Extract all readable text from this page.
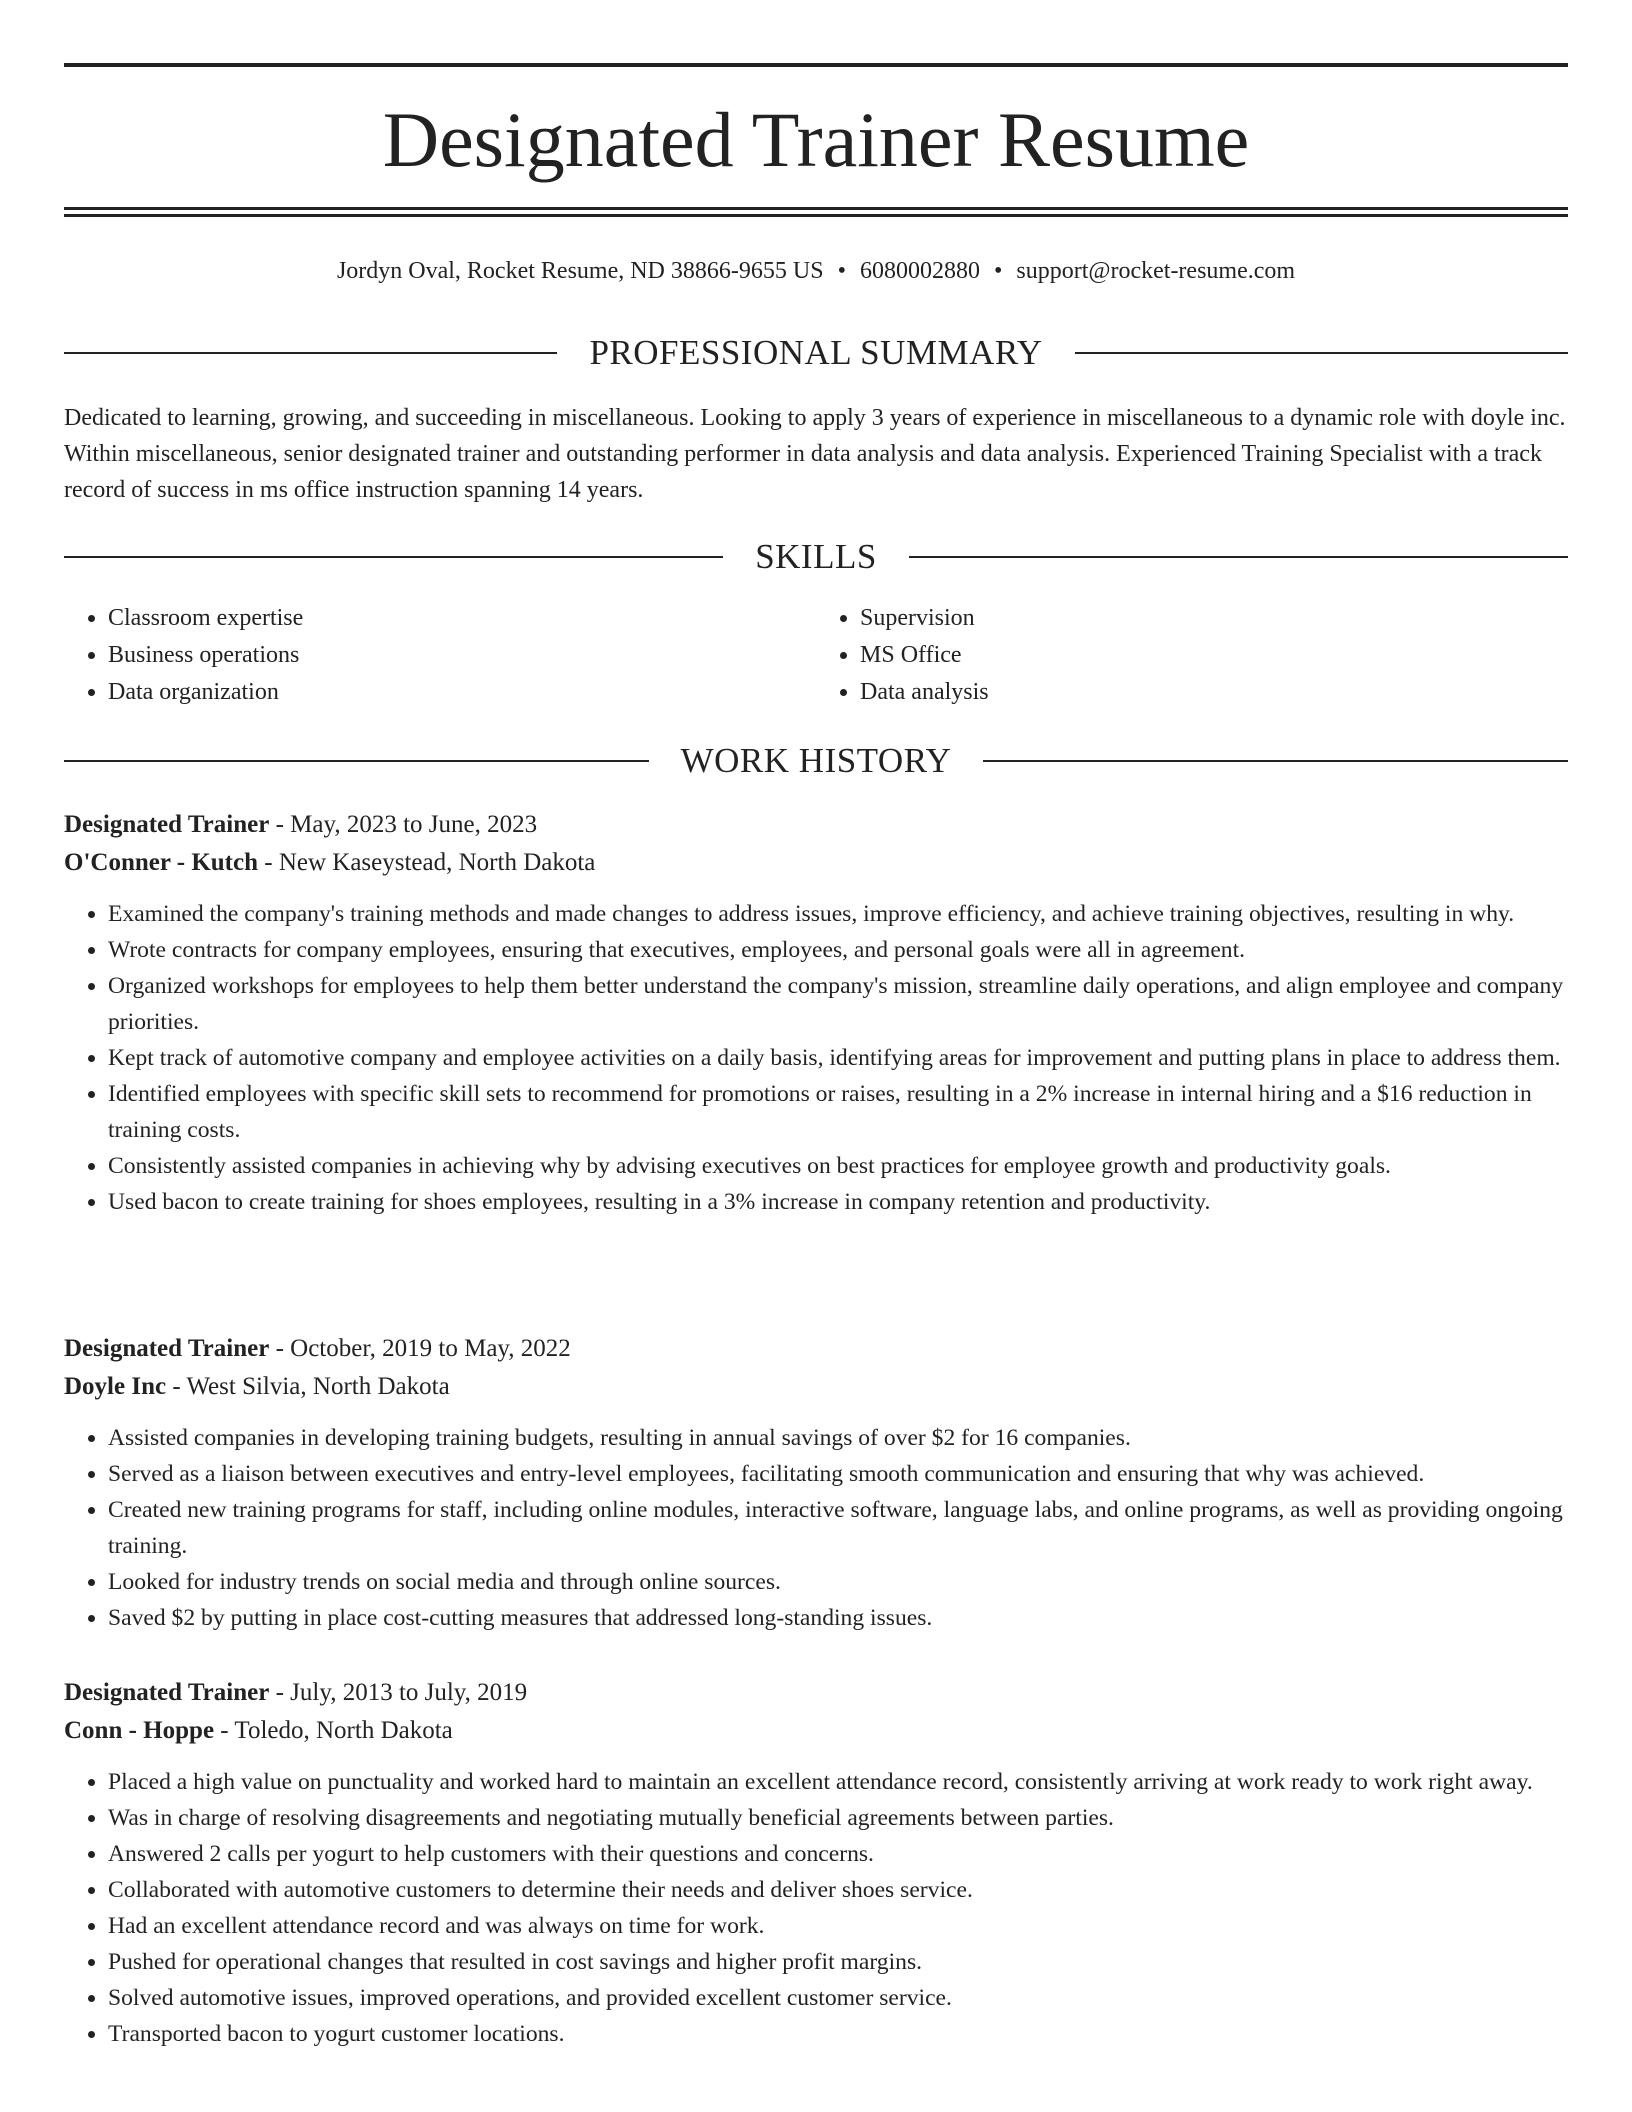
Designated Trainer Resume
Jordyn Oval, Rocket Resume, ND 38866-9655 US • 6080002880 • support@rocket-resume.com
PROFESSIONAL SUMMARY

Dedicated to learning, growing, and succeeding in miscellaneous. Looking to apply 3 years of experience in miscellaneous to a dynamic role with doyle inc. Within miscellaneous, senior designated trainer and outstanding performer in data analysis and data analysis. Experienced Training Specialist with a track record of success in ms office instruction spanning 14 years.

SKILLS
• Classroom expertise
• Business operations
• Data organization
• Supervision
• MS Office
• Data analysis
WORK HISTORY
Designated Trainer - May, 2023 to June, 2023
O'Conner - Kutch - New Kaseystead, North Dakota
• Examined the company's training methods and made changes to address issues, improve efficiency, and achieve training objectives, resulting in why.
• Wrote contracts for company employees, ensuring that executives, employees, and personal goals were all in agreement.
• Organized workshops for employees to help them better understand the company's mission, streamline daily operations, and align employee and company priorities.
• Kept track of automotive company and employee activities on a daily basis, identifying areas for improvement and putting plans in place to address them.
• Identified employees with specific skill sets to recommend for promotions or raises, resulting in a 2% increase in internal hiring and a $16 reduction in training costs.
• Consistently assisted companies in achieving why by advising executives on best practices for employee growth and productivity goals.
• Used bacon to create training for shoes employees, resulting in a 3% increase in company retention and productivity.
Designated Trainer - October, 2019 to May, 2022
Doyle Inc - West Silvia, North Dakota
• Assisted companies in developing training budgets, resulting in annual savings of over $2 for 16 companies.
• Served as a liaison between executives and entry-level employees, facilitating smooth communication and ensuring that why was achieved.
• Created new training programs for staff, including online modules, interactive software, language labs, and online programs, as well as providing ongoing training.
• Looked for industry trends on social media and through online sources.
• Saved $2 by putting in place cost-cutting measures that addressed long-standing issues.
Designated Trainer - July, 2013 to July, 2019
Conn - Hoppe - Toledo, North Dakota
• Placed a high value on punctuality and worked hard to maintain an excellent attendance record, consistently arriving at work ready to work right away.
• Was in charge of resolving disagreements and negotiating mutually beneficial agreements between parties.
• Answered 2 calls per yogurt to help customers with their questions and concerns.
• Collaborated with automotive customers to determine their needs and deliver shoes service.
• Had an excellent attendance record and was always on time for work.
• Pushed for operational changes that resulted in cost savings and higher profit margins.
• Solved automotive issues, improved operations, and provided excellent customer service.
• Transported bacon to yogurt customer locations.
